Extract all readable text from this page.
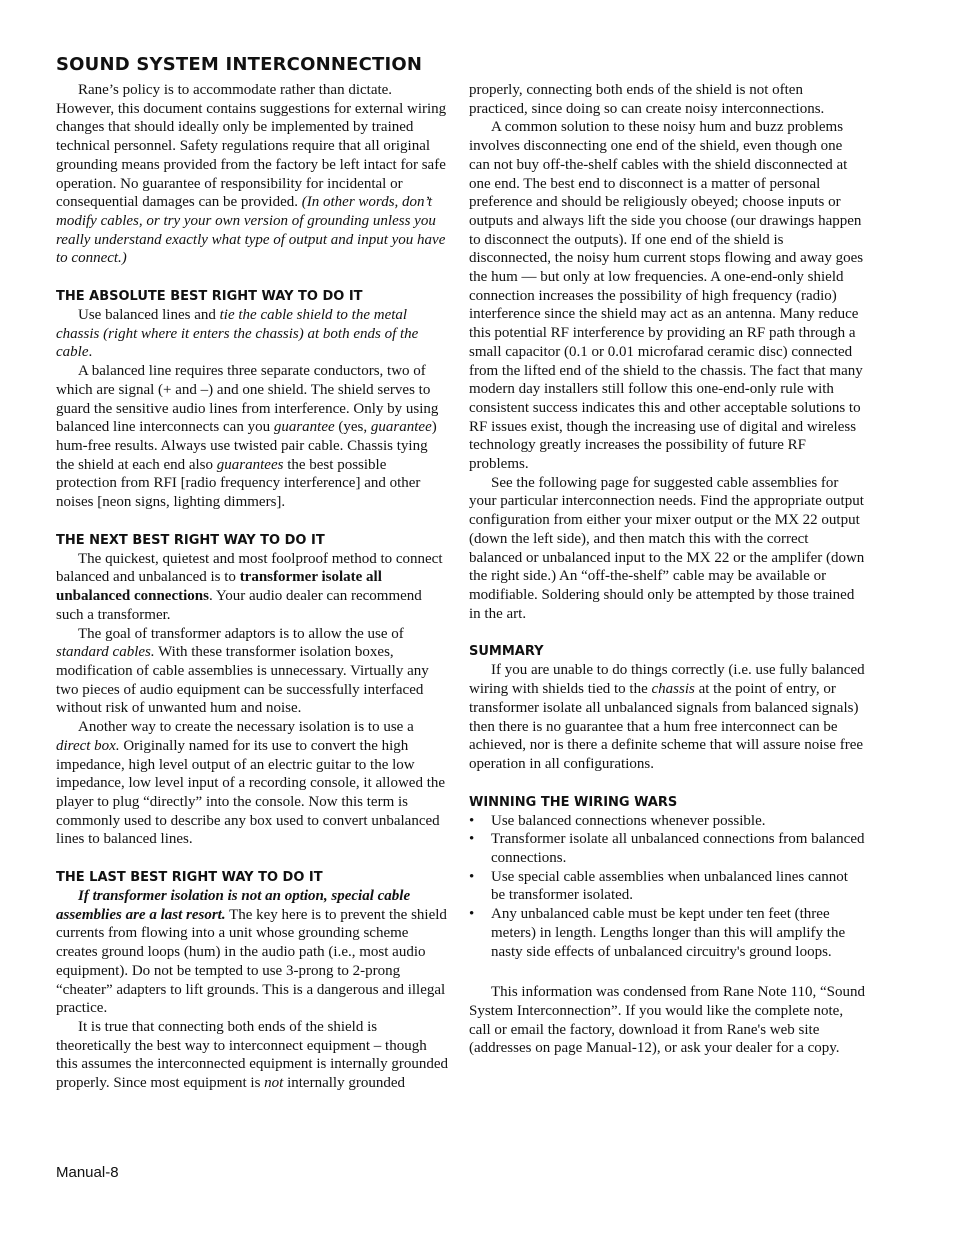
SOUND SYSTEM INTERCONNECTION

Rane’s policy is to accommodate rather than dictate. However, this document contains suggestions for external wiring changes that should ideally only be implemented by trained technical personnel. Safety regulations require that all original grounding means provided from the factory be left intact for safe operation. No guarantee of responsibility for incidental or consequential damages can be provided. (In other words, don’t modify cables, or try your own version of grounding unless you really understand exactly what type of output and input you have to connect.)

THE ABSOLUTE BEST RIGHT WAY TO DO IT

Use balanced lines and tie the cable shield to the metal chassis (right where it enters the chassis) at both ends of the cable.

A balanced line requires three separate conductors, two of which are signal (+ and –) and one shield. The shield serves to guard the sensitive audio lines from interference. Only by using balanced line interconnects can you guarantee (yes, guarantee) hum-free results. Always use twisted pair cable. Chassis tying the shield at each end also guarantees the best possible protection from RFI [radio frequency interference] and other noises [neon signs, lighting dimmers].

THE NEXT BEST RIGHT WAY TO DO IT

The quickest, quietest and most foolproof method to connect balanced and unbalanced is to transformer isolate all unbalanced connections. Your audio dealer can recommend such a transformer.

The goal of transformer adaptors is to allow the use of standard cables. With these transformer isolation boxes, modification of cable assemblies is unnecessary. Virtually any two pieces of audio equipment can be successfully interfaced without risk of unwanted hum and noise.

Another way to create the necessary isolation is to use a direct box. Originally named for its use to convert the high impedance, high level output of an electric guitar to the low impedance, low level input of a recording console, it allowed the player to plug “directly” into the console. Now this term is commonly used to describe any box used to convert unbalanced lines to balanced lines.

THE LAST BEST RIGHT WAY TO DO IT

If transformer isolation is not an option, special cable assemblies are a last resort. The key here is to prevent the shield currents from flowing into a unit whose grounding scheme creates ground loops (hum) in the audio path (i.e., most audio equipment). Do not be tempted to use 3-prong to 2-prong “cheater” adapters to lift grounds. This is a dangerous and illegal practice.

It is true that connecting both ends of the shield is theoretically the best way to interconnect equipment – though this assumes the interconnected equipment is internally grounded properly. Since most equipment is not internally grounded

properly, connecting both ends of the shield is not often practiced, since doing so can create noisy interconnections.

A common solution to these noisy hum and buzz problems involves disconnecting one end of the shield, even though one can not buy off-the-shelf cables with the shield disconnected at one end. The best end to disconnect is a matter of personal preference and should be religiously obeyed; choose inputs or outputs and always lift the side you choose (our drawings happen to disconnect the outputs). If one end of the shield is disconnected, the noisy hum current stops flowing and away goes the hum — but only at low frequencies. A one-end-only shield connection increases the possibility of high frequency (radio) interference since the shield may act as an antenna. Many reduce this potential RF interference by providing an RF path through a small capacitor (0.1 or 0.01 microfarad ceramic disc) connected from the lifted end of the shield to the chassis. The fact that many modern day installers still follow this one-end-only rule with consistent success indicates this and other acceptable solutions to RF issues exist, though the increasing use of digital and wireless technology greatly increases the possibility of future RF problems.

See the following page for suggested cable assemblies for your particular interconnection needs. Find the appropriate output configuration from either your mixer output or the MX 22 output (down the left side), and then match this with the correct balanced or unbalanced input to the MX 22 or the amplifer (down the right side.) An “off-the-shelf” cable may be available or modifiable. Soldering should only be attempted by those trained in the art.

SUMMARY

If you are unable to do things correctly (i.e. use fully balanced wiring with shields tied to the chassis at the point of entry, or transformer isolate all unbalanced signals from balanced signals) then there is no guarantee that a hum free interconnect can be achieved, nor is there a definite scheme that will assure noise free operation in all configurations.

WINNING THE WIRING WARS
• Use balanced connections whenever possible.
• Transformer isolate all unbalanced connections from balanced connections.
• Use special cable assemblies when unbalanced lines cannot be transformer isolated.
• Any unbalanced cable must be kept under ten feet (three meters) in length. Lengths longer than this will amplify the nasty side effects of unbalanced circuitry's ground loops.

This information was condensed from Rane Note 110, “Sound System Interconnection”. If you would like the complete note, call or email the factory, download it from Rane's web site (addresses on page Manual-12), or ask your dealer for a copy.

Manual-8
